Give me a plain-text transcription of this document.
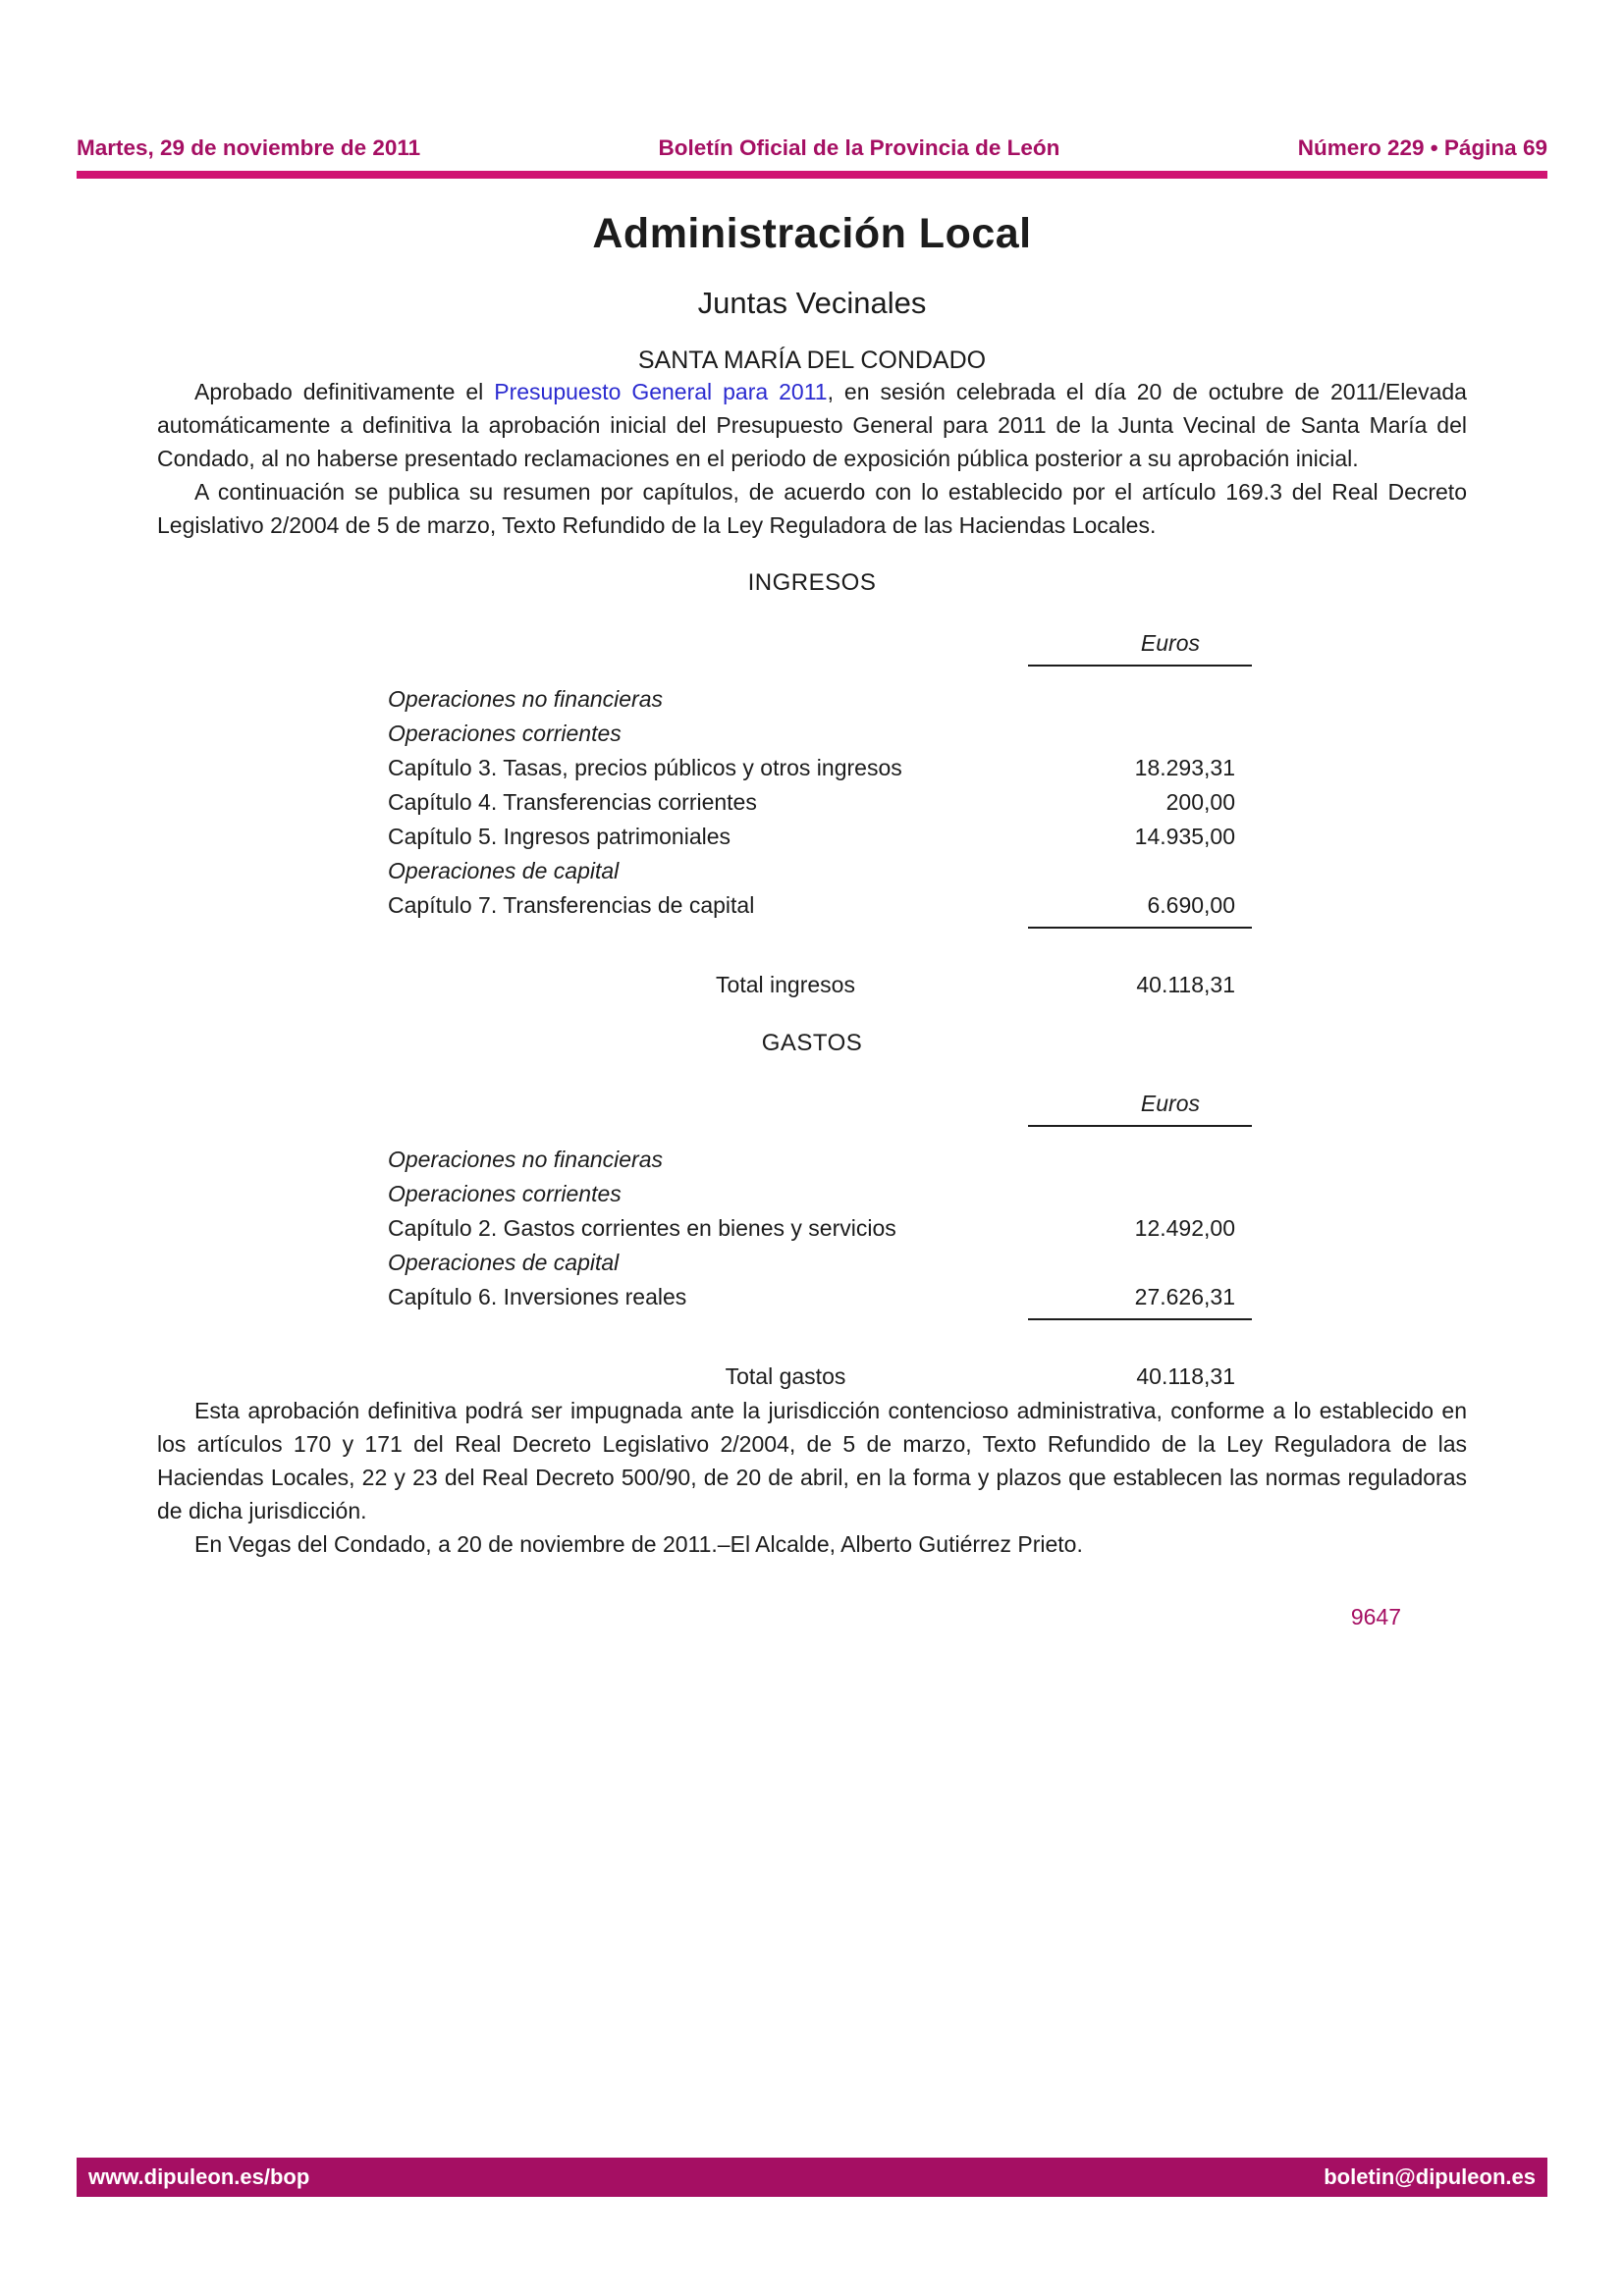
Martes, 29 de noviembre de 2011	Boletín Oficial de la Provincia de León	Número 229 • Página 69
Administración Local
Juntas Vecinales
SANTA MARÍA DEL CONDADO

Aprobado definitivamente el Presupuesto General para 2011, en sesión celebrada el día 20 de octubre de 2011/Elevada automáticamente a definitiva la aprobación inicial del Presupuesto General para 2011 de la Junta Vecinal de Santa María del Condado, al no haberse presentado reclamaciones en el periodo de exposición pública posterior a su aprobación inicial.

A continuación se publica su resumen por capítulos, de acuerdo con lo establecido por el artículo 169.3 del Real Decreto Legislativo 2/2004 de 5 de marzo, Texto Refundido de la Ley Reguladora de las Haciendas Locales.

INGRESOS
Euros
Operaciones no financieras
Operaciones corrientes
Capítulo 3. Tasas, precios públicos y otros ingresos	18.293,31
Capítulo 4. Transferencias corrientes	200,00
Capítulo 5. Ingresos patrimoniales	14.935,00
Operaciones de capital
Capítulo 7. Transferencias de capital	6.690,00
Total ingresos	40.118,31
GASTOS
Euros
Operaciones no financieras
Operaciones corrientes
Capítulo 2. Gastos corrientes en bienes y servicios	12.492,00
Operaciones de capital
Capítulo 6. Inversiones reales	27.626,31
Total gastos	40.118,31

Esta aprobación definitiva podrá ser impugnada ante la jurisdicción contencioso administrativa, conforme a lo establecido en los artículos 170 y 171 del Real Decreto Legislativo 2/2004, de 5 de marzo, Texto Refundido de la Ley Reguladora de las Haciendas Locales, 22 y 23 del Real Decreto 500/90, de 20 de abril, en la forma y plazos que establecen las normas reguladoras de dicha jurisdicción.

En Vegas del Condado, a 20 de noviembre de 2011.–El Alcalde, Alberto Gutiérrez Prieto.

9647
www.dipuleon.es/bop	boletin@dipuleon.es
